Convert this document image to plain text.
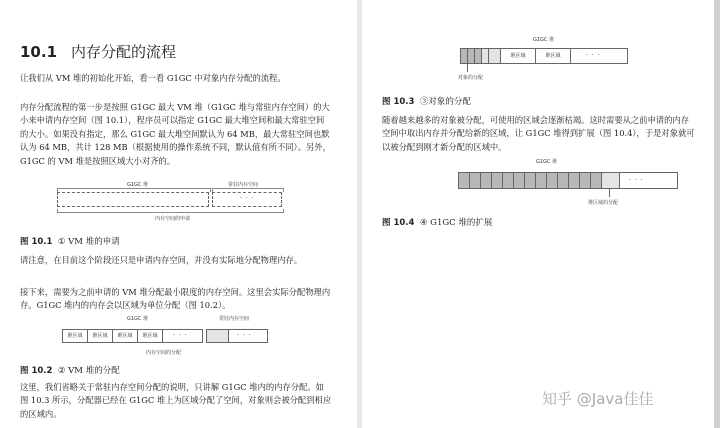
10.1 内存分配的流程

让我们从 VM 堆的初始化开始，看一看 G1GC 中对象内存分配的流程。

内存分配流程的第一步是按照 G1GC 最大 VM 堆（G1GC 堆与常驻内存空间）的大小来申请内存空间（图 10.1），程序员可以指定 G1GC 最大堆空间和最大常驻空间的大小。如果没有指定，那么 G1GC 最大堆空间默认为 64 MB，最大常驻空间也默认为 64 MB，共计 128 MB（根据使用的操作系统不同，默认值有所不同）。另外，G1GC 的 VM 堆是按照区域大小对齐的。

G1GC 堆	常驻内存空间
· · ·
内存空间的申请

图 10.1 ① VM 堆的申请

请注意，在目前这个阶段还只是申请内存空间，并没有实际地分配物理内存。

接下来，需要为之前申请的 VM 堆分配最小限度的内存空间。这里会实际分配物理内存。G1GC 堆内的内存会以区域为单位分配（图 10.2）。

G1GC 堆	常驻内存空间
堆区域	堆区域	堆区域	堆区域	· · ·	· · ·
内存空间的分配

图 10.2 ② VM 堆的分配

这里，我们省略关于常驻内存空间分配的说明，只讲解 G1GC 堆内的内存分配。如图 10.3 所示，分配器已经在 G1GC 堆上为区域分配了空间，对象则会被分配到相应的区域内。

G1GC 堆
堆区域	堆区域	· · ·
对象的分配

图 10.3 ③对象的分配

随着越来越多的对象被分配，可使用的区域会逐渐枯竭。这时需要从之前申请的内存空间中取出内存并分配给新的区域，让 G1GC 堆得到扩展（图 10.4），于是对象就可以被分配到刚才新分配的区域中。

G1GC 堆
· · ·
堆区域的分配

图 10.4 ④ G1GC 堆的扩展

知乎 @Java佳佳
